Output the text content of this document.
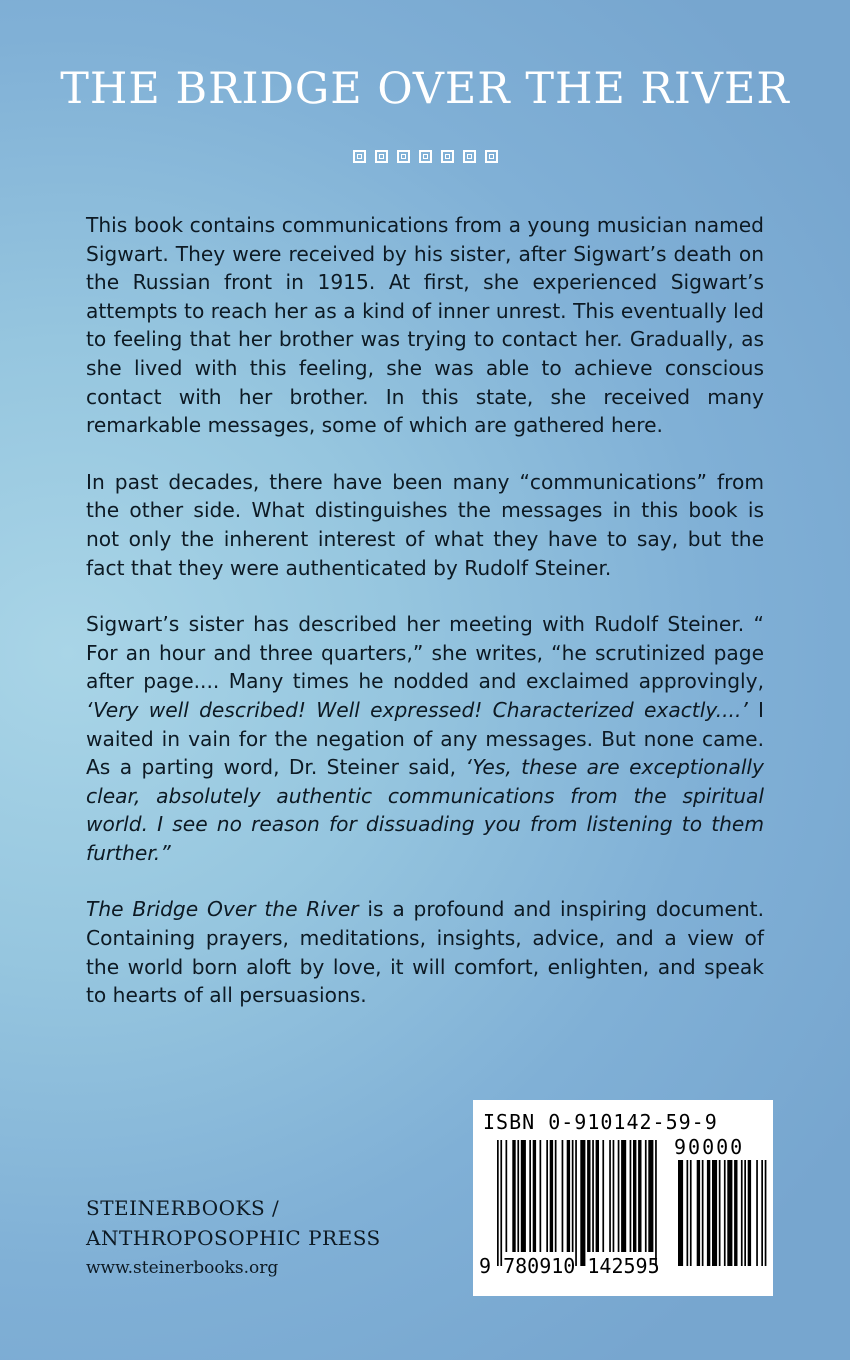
THE BRIDGE OVER THE RIVER

This book contains communications from a young musician named Sigwart. They were received by his sister, after Sigwart’s death on the Russian front in 1915. At first, she experienced Sigwart’s attempts to reach her as a kind of inner unrest. This eventually led to feeling that her brother was trying to contact her. Gradually, as she lived with this feeling, she was able to achieve conscious contact with her brother. In this state, she received many remarkable messages, some of which are gathered here.

In past decades, there have been many “communications” from the other side. What distinguishes the messages in this book is not only the inherent interest of what they have to say, but the fact that they were authenticated by Rudolf Steiner.

Sigwart’s sister has described her meeting with Rudolf Steiner. “ For an hour and three quarters,” she writes, “he scrutinized page after page.... Many times he nodded and exclaimed approvingly, ‘Very well described! Well expressed! Characterized exactly....’ I waited in vain for the negation of any messages. But none came. As a parting word, Dr. Steiner said, ‘Yes, these are exceptionally clear, absolutely authentic communications from the spiritual world. I see no reason for dissuading you from listening to them further.”

The Bridge Over the River is a profound and inspiring document. Containing prayers, meditations, insights, advice, and a view of the world born aloft by love, it will comfort, enlighten, and speak to hearts of all persuasions.

STEINERBOOKS /
ANTHROPOSOPHIC PRESS
www.steinerbooks.org
ISBN 0-910142-59-9
90000
9 780910 142595
